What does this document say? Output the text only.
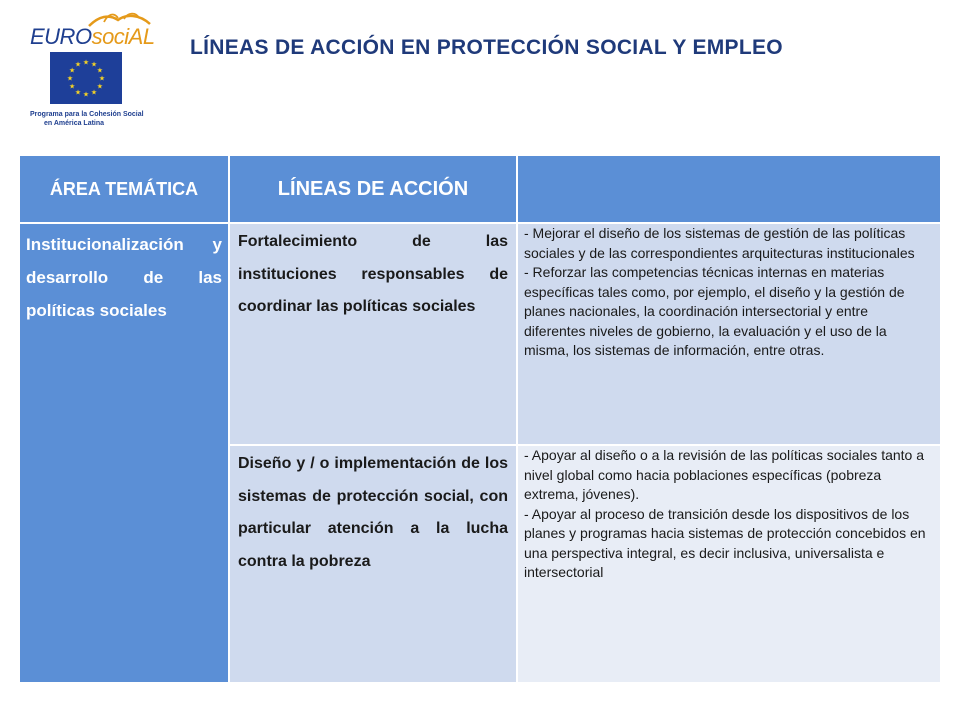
EUROsociAL
★ ★
★
★
★
★
★
★
★
★
★
★
Programa para la Cohesión Social
en América Latina
LÍNEAS DE ACCIÓN EN PROTECCIÓN SOCIAL Y EMPLEO
ÁREA TEMÁTICA	LÍNEAS DE ACCIÓN	
Institucionalización y desarrollo de las políticas sociales	Fortalecimiento de las instituciones responsables de coordinar las políticas sociales	- Mejorar el diseño de los sistemas de gestión de las políticas sociales y de las correspondientes arquitecturas institucionales

- Reforzar las competencias técnicas internas en materias específicas tales como, por ejemplo, el diseño y la gestión de planes nacionales, la coordinación intersectorial y entre diferentes niveles de gobierno, la evaluación y el uso de la misma, los sistemas de información, entre otras.

	Diseño y / o implementación de los sistemas de protección social, con particular atención a la lucha contra la pobreza	- Apoyar al diseño o a la revisión de las políticas sociales tanto a nivel global como hacia poblaciones específicas (pobreza extrema, jóvenes).

- Apoyar al proceso de transición desde los dispositivos de los planes y programas hacia sistemas de protección concebidos en una perspectiva integral, es decir inclusiva, universalista e intersectorial
